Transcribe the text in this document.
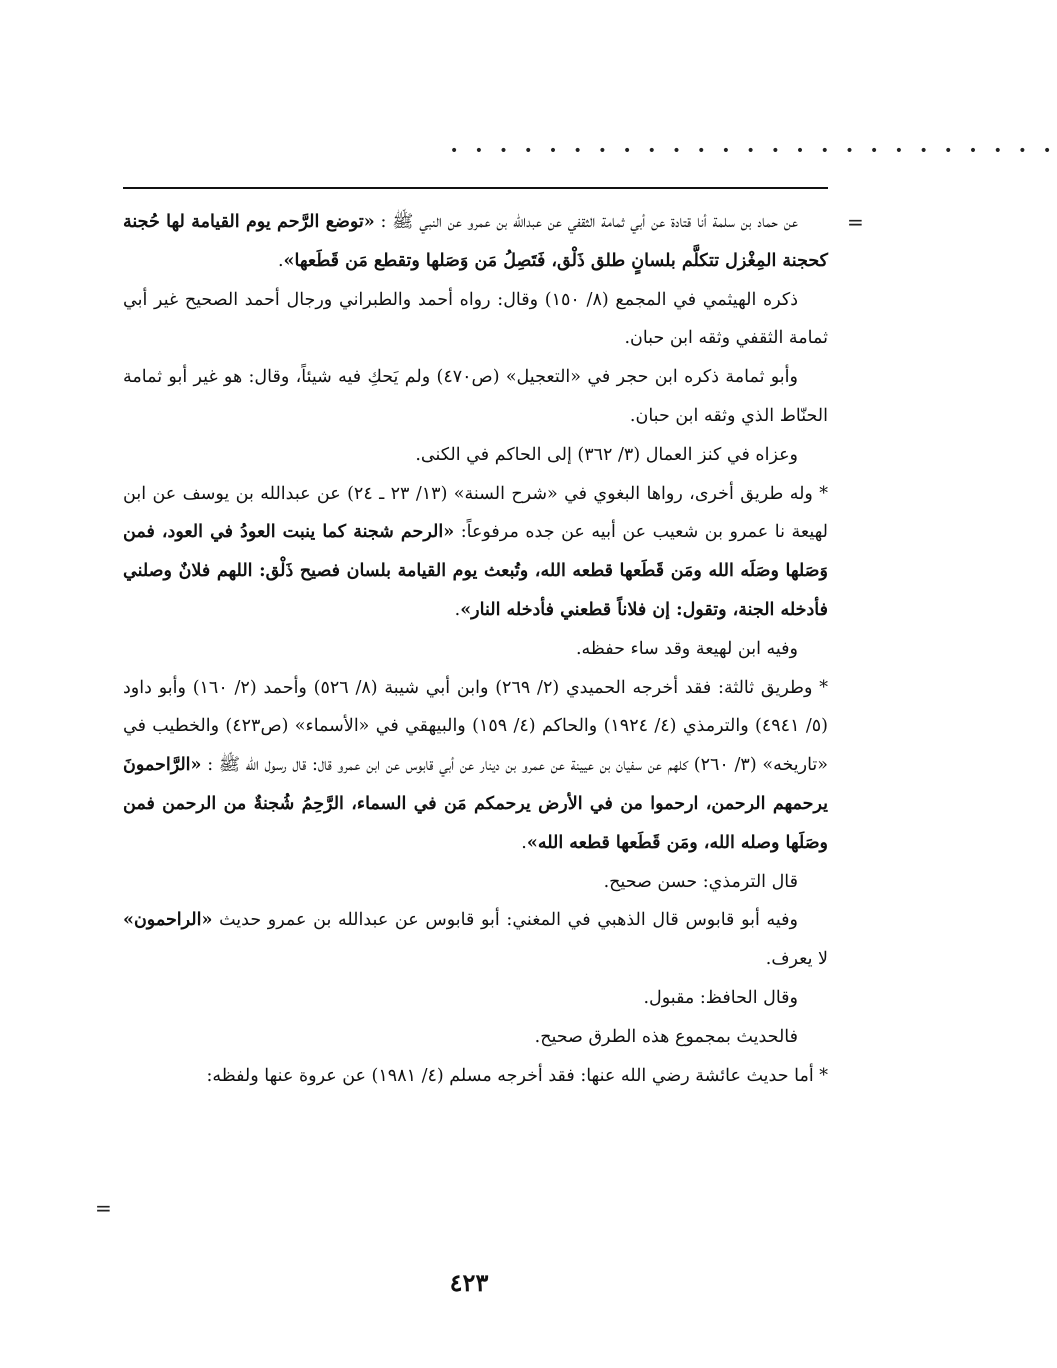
• • • • • • • • • • • • • • • • • • • • • • • • •
=
=

عن حماد بن سلمة أنا قتادة عن أبي ثمامة الثقفي عن عبدالله بن عمرو عن النبي ﷺ : «توضع الرَّحم يوم القيامة لها حُجنة كحجنة المِغْزل تتكلَّم بلسانٍ طلق ذَلْق، فَتَصِلُ مَن وَصَلها وتقطع مَن قَطَعها».

ذكره الهيثمي في المجمع (٨/ ١٥٠) وقال: رواه أحمد والطبراني ورجال أحمد الصحيح غير أبي ثمامة الثقفي وثقه ابن حبان.

وأبو ثمامة ذكره ابن حجر في «التعجيل» (ص٤٧٠) ولم يَحكِ فيه شيئاً، وقال: هو غير أبو ثمامة الحنّاط الذي وثقه ابن حبان.

وعزاه في كنز العمال (٣/ ٣٦٢) إلى الحاكم في الكنى.

* وله طريق أخرى، رواها البغوي في «شرح السنة» (١٣/ ٢٣ ـ ٢٤) عن عبدالله بن يوسف عن ابن لهيعة نا عمرو بن شعيب عن أبيه عن جده مرفوعاً: «الرحم شجنة كما ينبت العودُ في العود، فمن وَصَلها وصَلَه الله ومَن قَطَعها قطعه الله، وتُبعث يوم القيامة بلسان فصيح ذَلْق: اللهم فلانٌ وصلني فأدخله الجنة، وتقول: إن فلاناً قطعني فأدخله النار».

وفيه ابن لهيعة وقد ساء حفظه.

* وطريق ثالثة: فقد أخرجه الحميدي (٢/ ٢٦٩) وابن أبي شيبة (٨/ ٥٢٦) وأحمد (٢/ ١٦٠) وأبو داود (٥/ ٤٩٤١) والترمذي (٤/ ١٩٢٤) والحاكم (٤/ ١٥٩) والبيهقي في «الأسماء» (ص٤٢٣) والخطيب في «تاريخه» (٣/ ٢٦٠) كلهم عن سفيان بن عيينة عن عمرو بن دينار عن أبي قابوس عن ابن عمرو قال: قال رسول الله ﷺ : «الرَّاحمونَ يرحمهم الرحمن، ارحموا من في الأرض يرحمكم مَن في السماء، الرَّحِمُ شُجنةٌ من الرحمن فمن وصَلَها وصله الله، ومَن قَطَعها قطعه الله».

قال الترمذي: حسن صحيح.

وفيه أبو قابوس قال الذهبي في المغني: أبو قابوس عن عبدالله بن عمرو حديث «الراحمون» لا يعرف.

وقال الحافظ: مقبول.

فالحديث بمجموع هذه الطرق صحيح.

* أما حديث عائشة رضي الله عنها: فقد أخرجه مسلم (٤/ ١٩٨١) عن عروة عنها ولفظه:

٤٢٣
